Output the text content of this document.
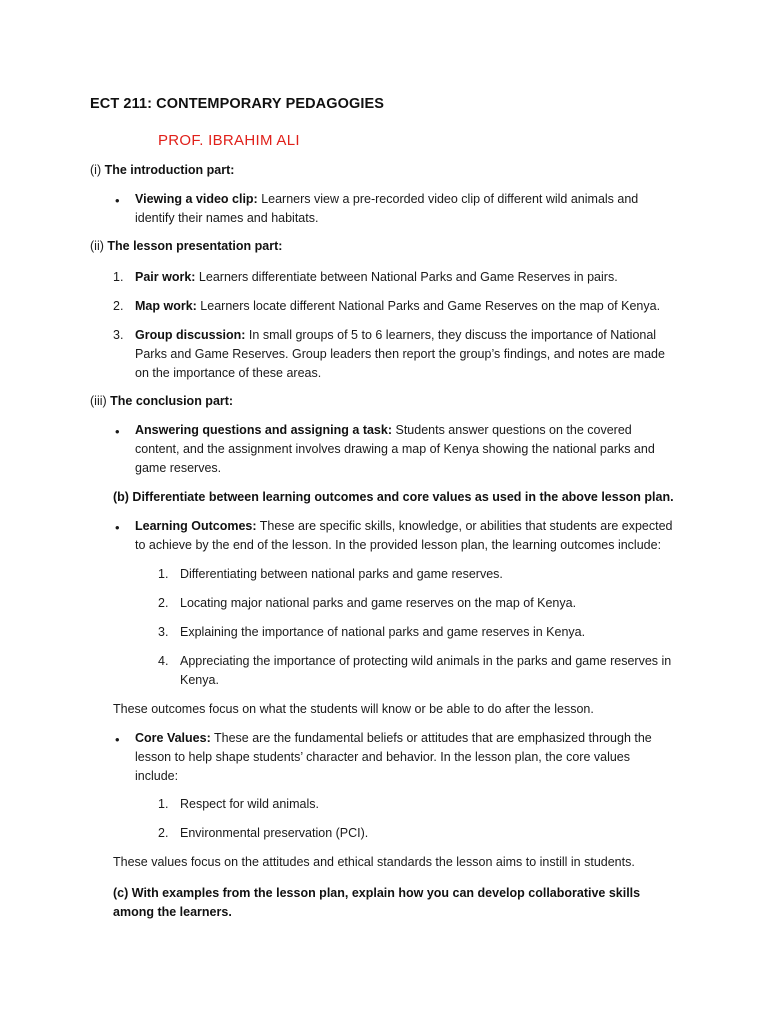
ECT 211: CONTEMPORARY PEDAGOGIES
PROF. IBRAHIM ALI
(i) The introduction part:
• Viewing a video clip: Learners view a pre-recorded video clip of different wild animals and identify their names and habitats.
(ii) The lesson presentation part:
1. Pair work: Learners differentiate between National Parks and Game Reserves in pairs.
2. Map work: Learners locate different National Parks and Game Reserves on the map of Kenya.
3. Group discussion: In small groups of 5 to 6 learners, they discuss the importance of National Parks and Game Reserves. Group leaders then report the group’s findings, and notes are made on the importance of these areas.
(iii) The conclusion part:
• Answering questions and assigning a task: Students answer questions on the covered content, and the assignment involves drawing a map of Kenya showing the national parks and game reserves.
(b) Differentiate between learning outcomes and core values as used in the above lesson plan.
• Learning Outcomes: These are specific skills, knowledge, or abilities that students are expected to achieve by the end of the lesson. In the provided lesson plan, the learning outcomes include:
1. Differentiating between national parks and game reserves.
2. Locating major national parks and game reserves on the map of Kenya.
3. Explaining the importance of national parks and game reserves in Kenya.
4. Appreciating the importance of protecting wild animals in the parks and game reserves in Kenya.
These outcomes focus on what the students will know or be able to do after the lesson.
• Core Values: These are the fundamental beliefs or attitudes that are emphasized through the lesson to help shape students’ character and behavior. In the lesson plan, the core values include:
1. Respect for wild animals.
2. Environmental preservation (PCI).
These values focus on the attitudes and ethical standards the lesson aims to instill in students.
(c) With examples from the lesson plan, explain how you can develop collaborative skills among the learners.
